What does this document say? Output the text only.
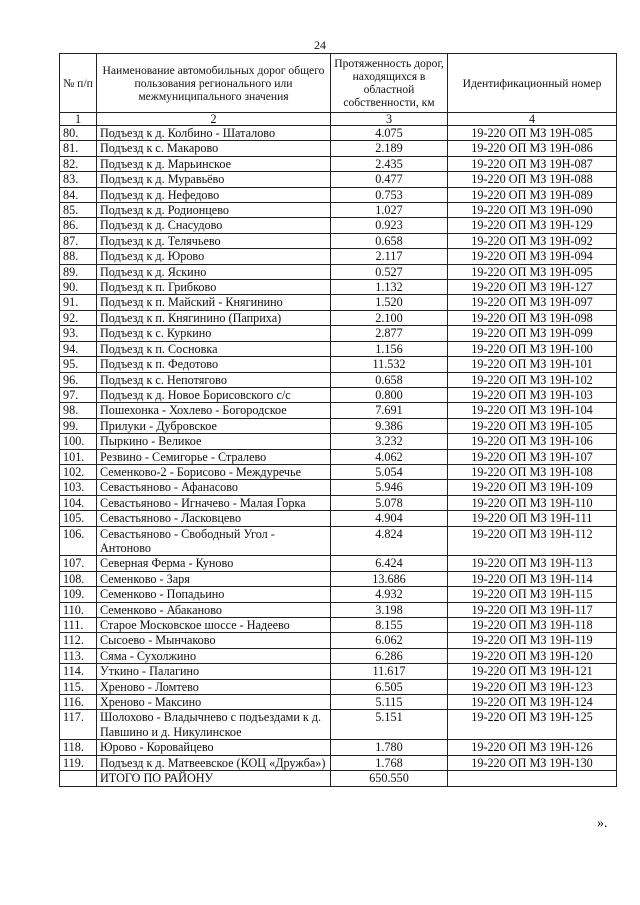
24
№ п/п	Наименование автомобильных дорог общего пользования регионального или межмуниципального значения	Протяженность дорог, находящихся в областной собственности, км	Идентификационный номер
1	2	3	4
80.	Подъезд к д. Колбино - Шаталово	4.075	19-220 ОП МЗ 19Н-085
81.	Подъезд к с. Макарово	2.189	19-220 ОП МЗ 19Н-086
82.	Подъезд к д. Марьинское	2.435	19-220 ОП МЗ 19Н-087
83.	Подъезд к д. Муравьёво	0.477	19-220 ОП МЗ 19Н-088
84.	Подъезд к д. Нефедово	0.753	19-220 ОП МЗ 19Н-089
85.	Подъезд к д. Родионцево	1.027	19-220 ОП МЗ 19Н-090
86.	Подъезд к д. Снасудово	0.923	19-220 ОП МЗ 19Н-129
87.	Подъезд к д. Телячьево	0.658	19-220 ОП МЗ 19Н-092
88.	Подъезд к д. Юрово	2.117	19-220 ОП МЗ 19Н-094
89.	Подъезд к д. Яскино	0.527	19-220 ОП МЗ 19Н-095
90.	Подъезд к п. Грибково	1.132	19-220 ОП МЗ 19Н-127
91.	Подъезд к п. Майский - Княгинино	1.520	19-220 ОП МЗ 19Н-097
92.	Подъезд к п. Княгинино (Паприха)	2.100	19-220 ОП МЗ 19Н-098
93.	Подъезд к с. Куркино	2.877	19-220 ОП МЗ 19Н-099
94.	Подъезд к п. Сосновка	1.156	19-220 ОП МЗ 19Н-100
95.	Подъезд к п. Федотово	11.532	19-220 ОП МЗ 19Н-101
96.	Подъезд к с. Непотягово	0.658	19-220 ОП МЗ 19Н-102
97.	Подъезд к д. Новое Борисовского с/с	0.800	19-220 ОП МЗ 19Н-103
98.	Пошехонка - Хохлево - Богородское	7.691	19-220 ОП МЗ 19Н-104
99.	Прилуки - Дубровское	9.386	19-220 ОП МЗ 19Н-105
100.	Пыркино - Великое	3.232	19-220 ОП МЗ 19Н-106
101.	Резвино - Семигорье - Стралево	4.062	19-220 ОП МЗ 19Н-107
102.	Семенково-2 - Борисово - Междуречье	5.054	19-220 ОП МЗ 19Н-108
103.	Севастьяново - Афанасово	5.946	19-220 ОП МЗ 19Н-109
104.	Севастьяново - Игначево - Малая Горка	5.078	19-220 ОП МЗ 19Н-110
105.	Севастьяново - Ласковцево	4.904	19-220 ОП МЗ 19Н-111
106.	Севастьяново - Свободный Угол - Антоново	4.824	19-220 ОП МЗ 19Н-112
107.	Северная Ферма - Куново	6.424	19-220 ОП МЗ 19Н-113
108.	Семенково - Заря	13.686	19-220 ОП МЗ 19Н-114
109.	Семенково - Попадьино	4.932	19-220 ОП МЗ 19Н-115
110.	Семенково - Абаканово	3.198	19-220 ОП МЗ 19Н-117
111.	Старое Московское шоссе - Надеево	8.155	19-220 ОП МЗ 19Н-118
112.	Сысоево - Мынчаково	6.062	19-220 ОП МЗ 19Н-119
113.	Сяма - Сухолжино	6.286	19-220 ОП МЗ 19Н-120
114.	Уткино - Палагино	11.617	19-220 ОП МЗ 19Н-121
115.	Хреново - Ломтево	6.505	19-220 ОП МЗ 19Н-123
116.	Хреново - Максино	5.115	19-220 ОП МЗ 19Н-124
117.	Шолохово - Владычнево с подъездами к д. Павшино и д. Никулинское	5.151	19-220 ОП МЗ 19Н-125
118.	Юрово - Коровайцево	1.780	19-220 ОП МЗ 19Н-126
119.	Подъезд к д. Матвеевское (КОЦ «Дружба»)	1.768	19-220 ОП МЗ 19Н-130
	ИТОГО ПО РАЙОНУ	650.550	
».
